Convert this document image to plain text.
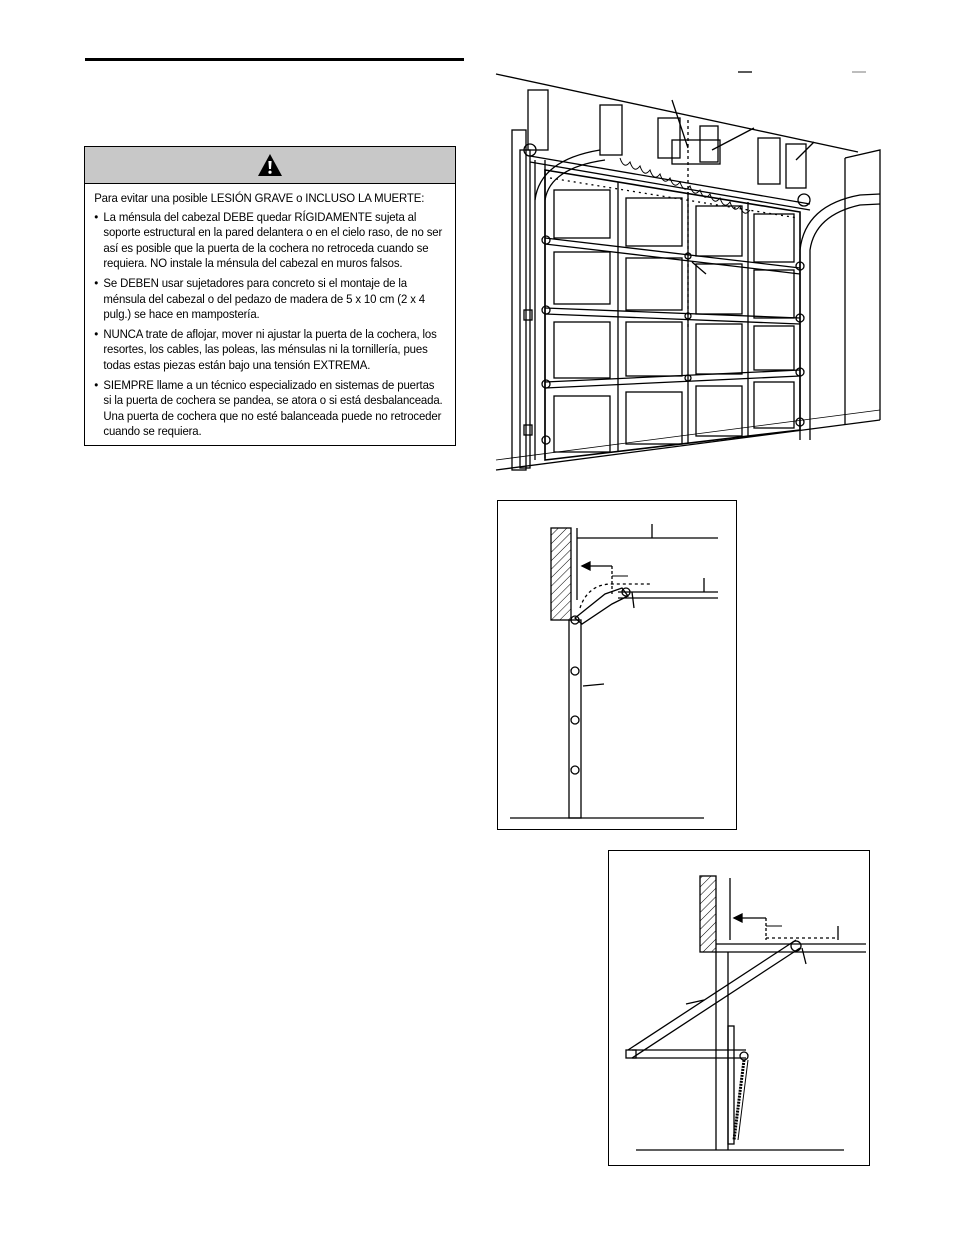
Para evitar una posible LESIÓN GRAVE o INCLUSO LA MUERTE:

• La ménsula del cabezal DEBE quedar RÍGIDAMENTE sujeta al soporte estructural en la pared delantera o en el cielo raso, de no ser así es posible que la puerta de la cochera no retroceda cuando se requiera. NO instale la ménsula del cabezal en muros falsos.
• Se DEBEN usar sujetadores para concreto si el montaje de la ménsula del cabezal o del pedazo de madera de 5 x 10 cm (2 x 4 pulg.) se hace en mampostería.
• NUNCA trate de aflojar, mover ni ajustar la puerta de la cochera, los resortes, los cables, las poleas, las ménsulas ni la tornillería, pues todas estas piezas están bajo una tensión EXTREMA.
• SIEMPRE llame a un técnico especializado en sistemas de puertas si la puerta de cochera se pandea, se atora o si está desbalanceada. Una puerta de cochera que no esté balanceada puede no retroceder cuando se requiera.
